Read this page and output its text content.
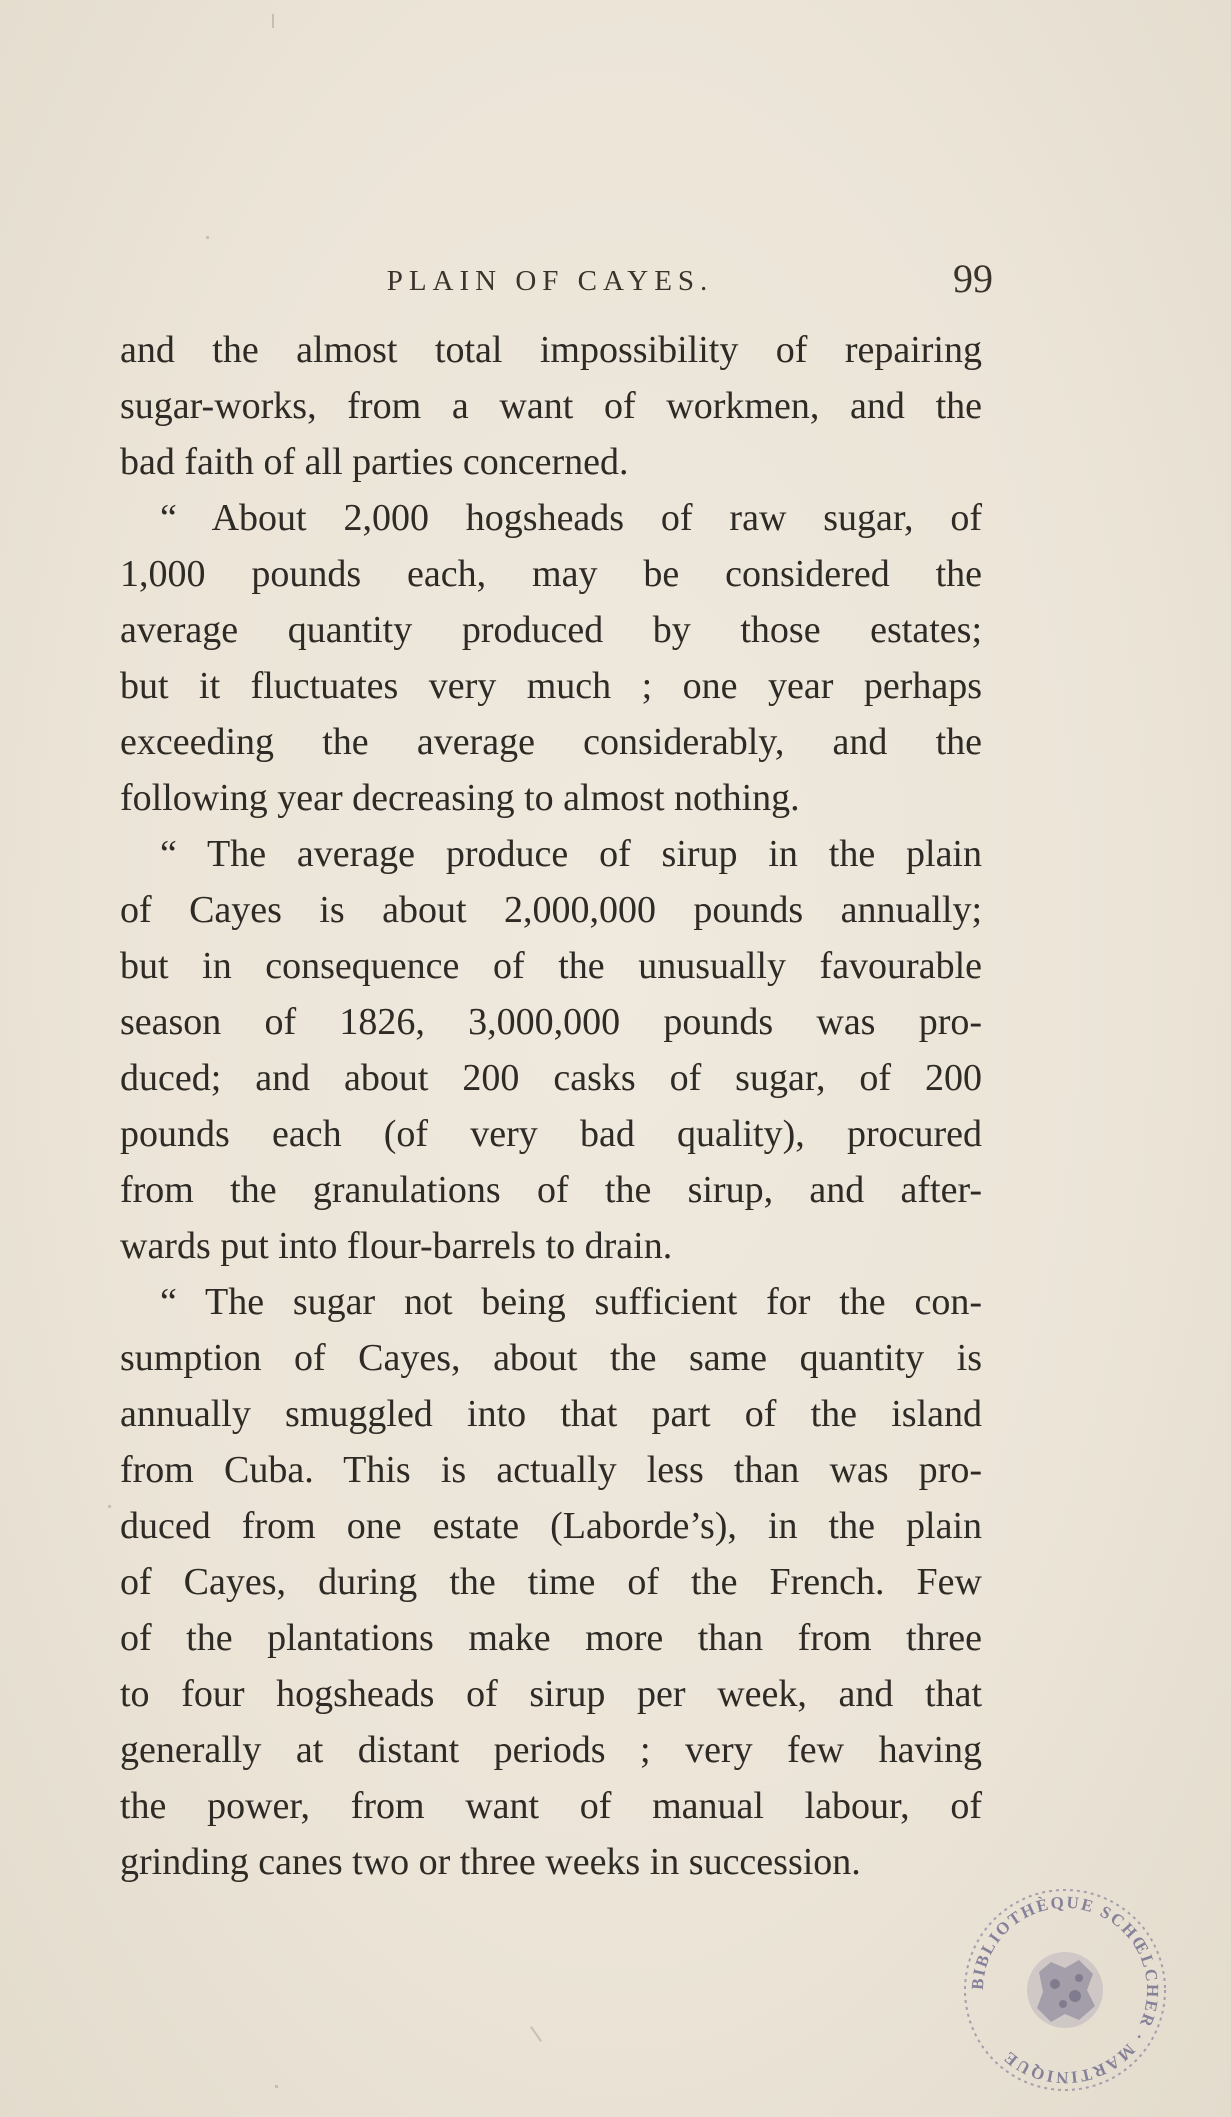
PLAIN OF CAYES.	99
and the almost total impossibility of repairing
sugar-works, from a want of workmen, and the
bad faith of all parties concerned.
“ About 2,000 hogsheads of raw sugar, of
1,000 pounds each, may be considered the
average quantity produced by those estates;
but it fluctuates very much ; one year perhaps
exceeding the average considerably, and the
following year decreasing to almost nothing.
“ The average produce of sirup in the plain
of Cayes is about 2,000,000 pounds annually;
but in consequence of the unusually favourable
season of 1826, 3,000,000 pounds was pro-
duced; and about 200 casks of sugar, of 200
pounds each (of very bad quality), procured
from the granulations of the sirup, and after-
wards put into flour-barrels to drain.
“ The sugar not being sufficient for the con-
sumption of Cayes, about the same quantity is
annually smuggled into that part of the island
from Cuba. This is actually less than was pro-
duced from one estate (Laborde’s), in the plain
of Cayes, during the time of the French. Few
of the plantations make more than from three
to four hogsheads of sirup per week, and that
generally at distant periods ; very few having
the power, from want of manual labour, of
grinding canes two or three weeks in succession.
BIBLIOTHÈQUE SCHŒLCHER · MARTINIQUE
